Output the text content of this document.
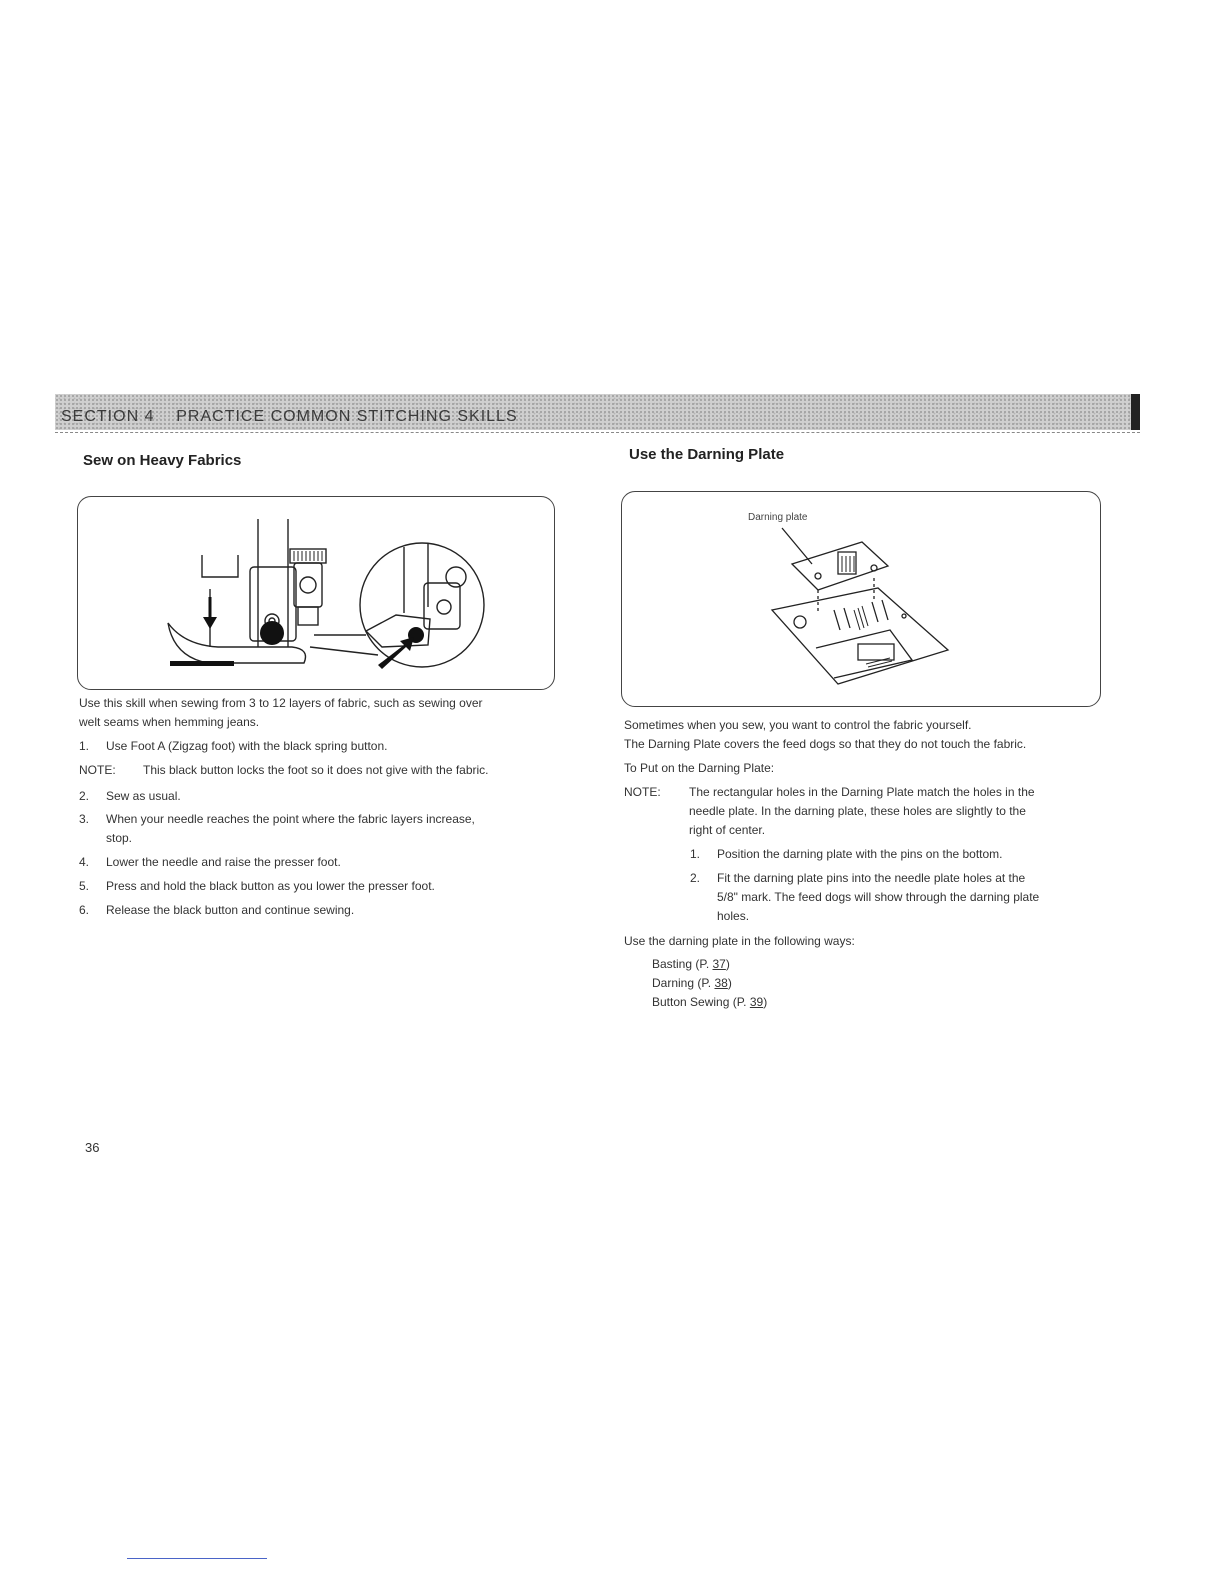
SECTION 4    PRACTICE COMMON STITCHING SKILLS
Sew on Heavy Fabrics
Use this skill when sewing from 3 to 12 layers of fabric, such as sewing over
welt seams when hemming jeans.
1. Use Foot A (Zigzag foot) with the black spring button.
NOTE: This black button locks the foot so it does not give with the fabric.
2. Sew as usual.
3. When your needle reaches the point where the fabric layers increase,
stop.
4. Lower the needle and raise the presser foot.
5. Press and hold the black button as you lower the presser foot.
6. Release the black button and continue sewing.
Use the Darning Plate
Darning plate
Sometimes when you sew, you want to control the fabric yourself.
The Darning Plate covers the feed dogs so that they do not touch the fabric.
To Put on the Darning Plate:
NOTE: The rectangular holes in the Darning Plate match the holes in the
needle plate. In the darning plate, these holes are slightly to the
right of center.
1. Position the darning plate with the pins on the bottom.
2. Fit the darning plate pins into the needle plate holes at the
5/8" mark. The feed dogs will show through the darning plate
holes.
Use the darning plate in the following ways:
Basting (P. 37)
Darning (P. 38)
Button Sewing (P. 39)
36
